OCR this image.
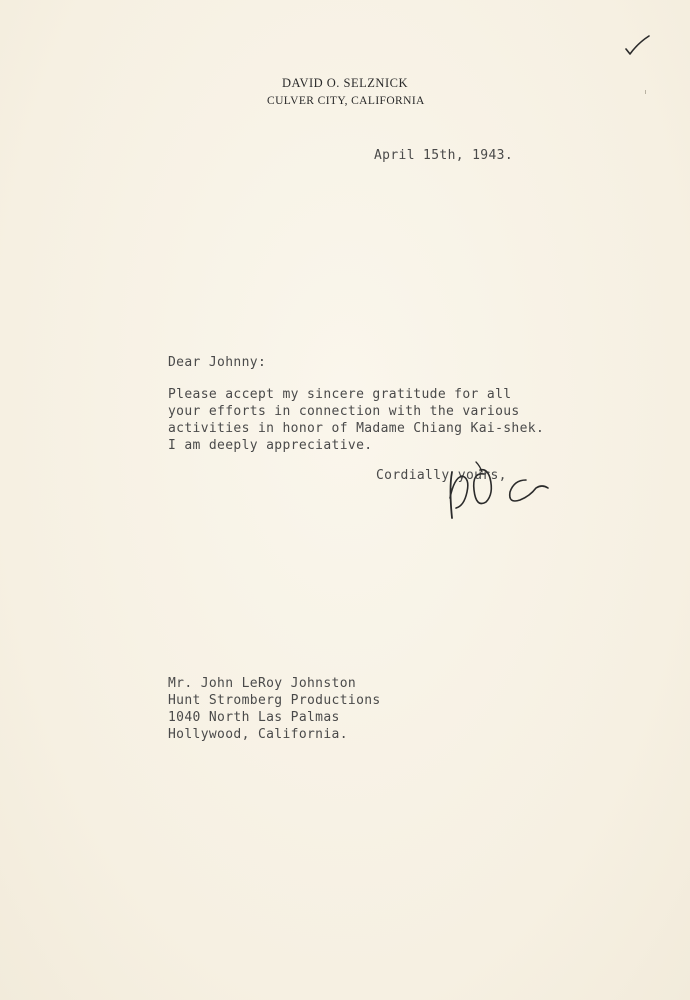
DAVID O. SELZNICK
CULVER CITY, CALIFORNIA
April 15th, 1943.
Dear Johnny:
Please accept my sincere gratitude for all
your efforts in connection with the various
activities in honor of Madame Chiang Kai-shek.
I am deeply appreciative.
Cordially yours,
Mr. John LeRoy Johnston
Hunt Stromberg Productions
1040 North Las Palmas
Hollywood, California.
